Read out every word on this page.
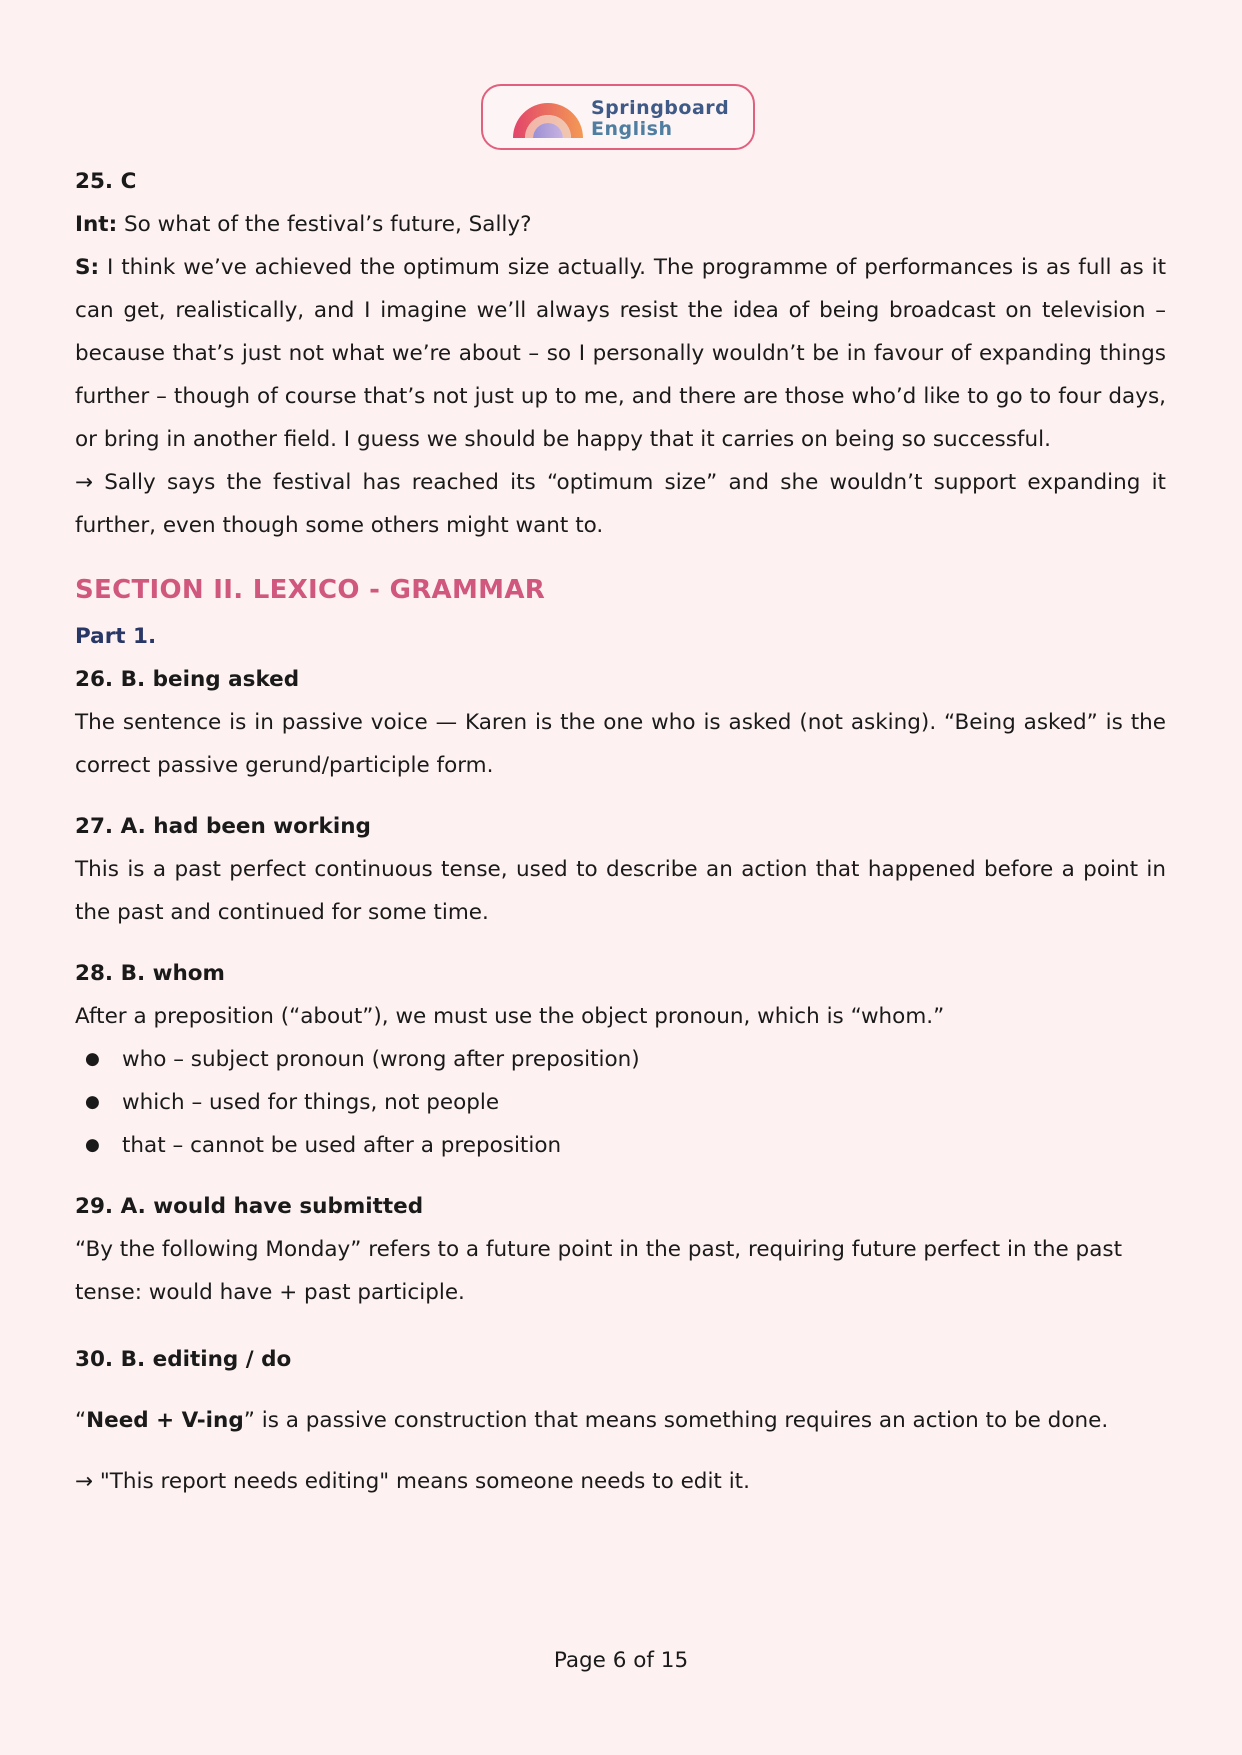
Springboard
English

25. C

Int: So what of the festival’s future, Sally?

S: I think we’ve achieved the optimum size actually. The programme of performances is as full as it can get, realistically, and I imagine we’ll always resist the idea of being broadcast on television – because that’s just not what we’re about – so I personally wouldn’t be in favour of expanding things further – though of course that’s not just up to me, and there are those who’d like to go to four days, or bring in another field. I guess we should be happy that it carries on being so successful.

→ Sally says the festival has reached its “optimum size” and she wouldn’t support expanding it further, even though some others might want to.

SECTION II. LEXICO - GRAMMAR

Part 1.

26. B. being asked

The sentence is in passive voice — Karen is the one who is asked (not asking). “Being asked” is the correct passive gerund/participle form.

27. A. had been working

This is a past perfect continuous tense, used to describe an action that happened before a point in the past and continued for some time.

28. B. whom

After a preposition (“about”), we must use the object pronoun, which is “whom.”

● who – subject pronoun (wrong after preposition)
● which – used for things, not people
● that – cannot be used after a preposition

29. A. would have submitted

“By the following Monday” refers to a future point in the past, requiring future perfect in the past tense: would have + past participle.

30. B. editing / do

“Need + V-ing” is a passive construction that means something requires an action to be done.

→ "This report needs editing" means someone needs to edit it.

Page 6 of 15
